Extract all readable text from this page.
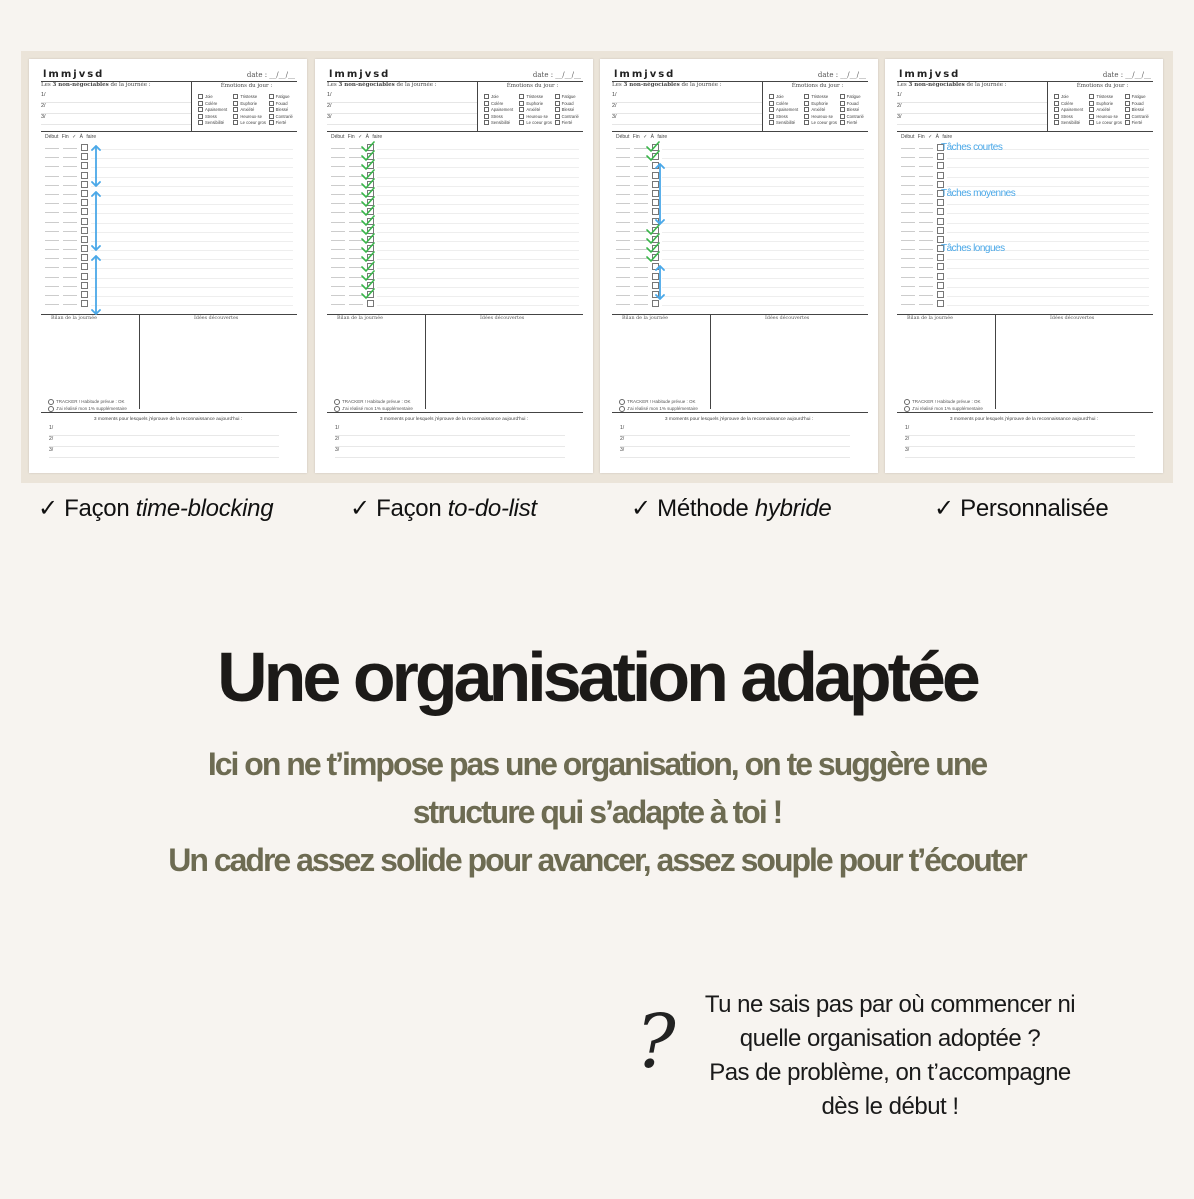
lmmjvsd	date : __/__/__
Les 3 non-négociables de la journée :
1/
2/
3/
Émotions du jour :
Joie	Tristesse	Fatigue
Colère	Euphorie	Fouad
Apaisement	Anxiété	Blessé
Stress	Heureux·se	Contrarié
Sensibilité	Le coeur gros	Fierté
Début Fin ✓ À faire
Bilan de la journée	Idées découvertes
TRACKER ! Habitude prévue : OK
J'ai réalisé mon 1% supplémentaire
3 moments pour lesquels j'éprouve de la reconnaissance aujourd'hui :
1/
2/
3/
lmmjvsd	date : __/__/__
Les 3 non-négociables de la journée :
1/
2/
3/
Émotions du jour :
Joie	Tristesse	Fatigue
Colère	Euphorie	Fouad
Apaisement	Anxiété	Blessé
Stress	Heureux·se	Contrarié
Sensibilité	Le coeur gros	Fierté
Début Fin ✓ À faire
Bilan de la journée	Idées découvertes
TRACKER ! Habitude prévue : OK
J'ai réalisé mon 1% supplémentaire
3 moments pour lesquels j'éprouve de la reconnaissance aujourd'hui :
1/
2/
3/
lmmjvsd	date : __/__/__
Les 3 non-négociables de la journée :
1/
2/
3/
Émotions du jour :
Joie	Tristesse	Fatigue
Colère	Euphorie	Fouad
Apaisement	Anxiété	Blessé
Stress	Heureux·se	Contrarié
Sensibilité	Le coeur gros	Fierté
Début Fin ✓ À faire
Bilan de la journée	Idées découvertes
TRACKER ! Habitude prévue : OK
J'ai réalisé mon 1% supplémentaire
3 moments pour lesquels j'éprouve de la reconnaissance aujourd'hui :
1/
2/
3/
lmmjvsd	date : __/__/__
Les 3 non-négociables de la journée :
1/
2/
3/
Émotions du jour :
Joie	Tristesse	Fatigue
Colère	Euphorie	Fouad
Apaisement	Anxiété	Blessé
Stress	Heureux·se	Contrarié
Sensibilité	Le coeur gros	Fierté
Début Fin ✓ À faire
Bilan de la journée	Idées découvertes
TRACKER ! Habitude prévue : OK
J'ai réalisé mon 1% supplémentaire
3 moments pour lesquels j'éprouve de la reconnaissance aujourd'hui :
1/
2/
3/
Tâches courtes
Tâches moyennes
Tâches longues
✓ Façon time-blocking	✓ Façon to-do-list	✓ Méthode hybride	✓ Personnalisée
Une organisation adaptée
Ici on ne t’impose pas une organisation, on te suggère une
structure qui s’adapte à toi !
Un cadre assez solide pour avancer, assez souple pour t’écouter
?	Tu ne sais pas par où commencer ni
quelle organisation adoptée ?
Pas de problème, on t’accompagne
dès le début !
